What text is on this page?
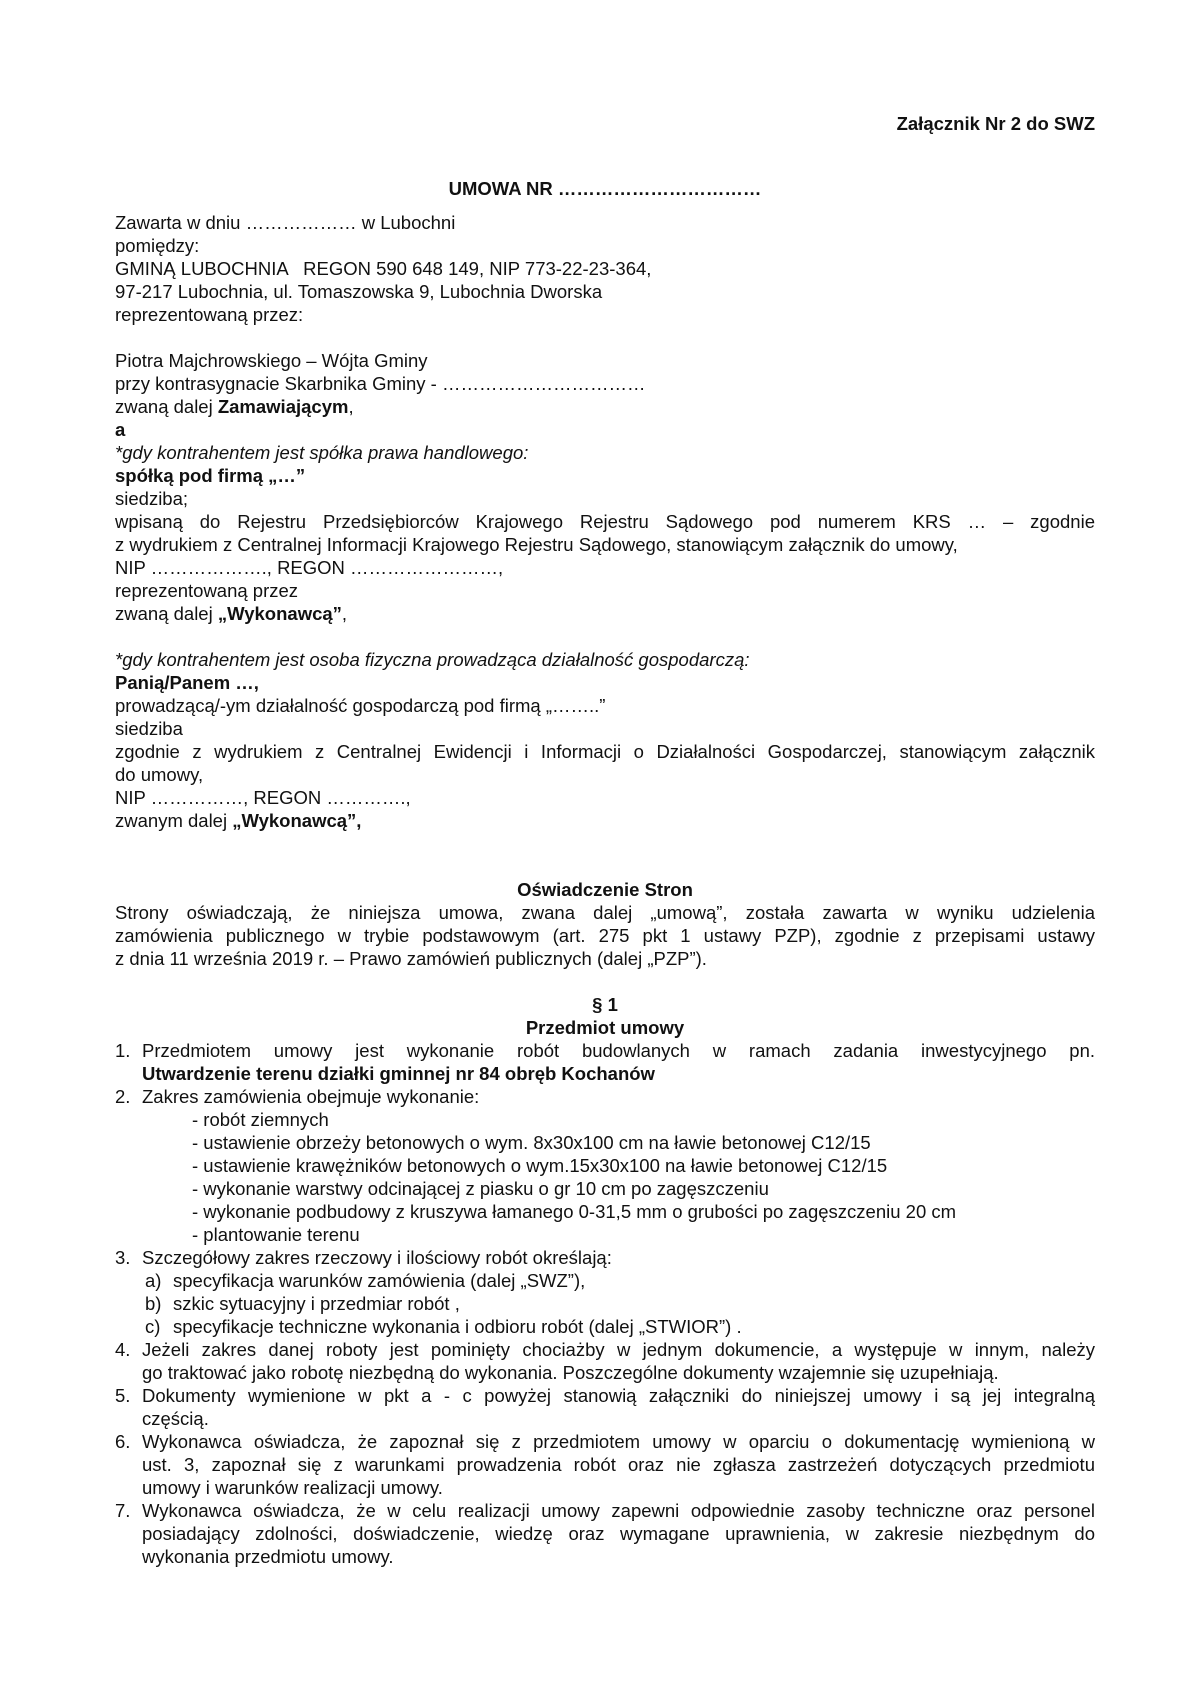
Załącznik Nr 2 do SWZ

UMOWA NR ……………………………

Zawarta w dniu ……………… w Lubochni

pomiędzy:

GMINĄ LUBOCHNIA   REGON 590 648 149, NIP 773-22-23-364,

97-217 Lubochnia, ul. Tomaszowska 9, Lubochnia Dworska

reprezentowaną przez:

Piotra Majchrowskiego – Wójta Gminy

przy kontrasygnacie Skarbnika Gminy - ……………………………

zwaną dalej Zamawiającym,

a

*gdy kontrahentem jest spółka prawa handlowego:

spółką pod firmą „…”

siedziba;

wpisaną do Rejestru Przedsiębiorców Krajowego Rejestru Sądowego pod numerem KRS … – zgodnie

z wydrukiem z Centralnej Informacji Krajowego Rejestru Sądowego, stanowiącym załącznik do umowy,

NIP ………………., REGON ……………………,

reprezentowaną przez

zwaną dalej „Wykonawcą”,

*gdy kontrahentem jest osoba fizyczna prowadząca działalność gospodarczą:

Panią/Panem …,

prowadzącą/-ym działalność gospodarczą pod firmą „……..”

siedziba

zgodnie z wydrukiem z Centralnej Ewidencji i Informacji o Działalności Gospodarczej, stanowiącym załącznik

do umowy,

NIP ……………, REGON ………….,

zwanym dalej „Wykonawcą”,

Oświadczenie Stron

Strony oświadczają, że niniejsza umowa, zwana dalej „umową”, została zawarta w wyniku udzielenia

zamówienia publicznego w trybie podstawowym (art. 275 pkt 1 ustawy PZP), zgodnie z przepisami ustawy

z dnia 11 września 2019 r. – Prawo zamówień publicznych (dalej „PZP”).

§ 1

Przedmiot umowy

1. Przedmiotem umowy jest wykonanie robót budowlanych w ramach zadania inwestycyjnego pn.
Utwardzenie terenu działki gminnej nr 84 obręb Kochanów
2. Zakres zamówienia obejmuje wykonanie:
- robót ziemnych
- ustawienie obrzeży betonowych o wym. 8x30x100 cm na ławie betonowej C12/15
- ustawienie krawężników betonowych o wym.15x30x100 na ławie betonowej C12/15
- wykonanie warstwy odcinającej z piasku o gr 10 cm po zagęszczeniu
- wykonanie podbudowy z kruszywa łamanego 0-31,5 mm o grubości po zagęszczeniu 20 cm
- plantowanie terenu
3. Szczegółowy zakres rzeczowy i ilościowy robót określają:
a) specyfikacja warunków zamówienia (dalej „SWZ”),
b) szkic sytuacyjny i przedmiar robót ,
c) specyfikacje techniczne wykonania i odbioru robót (dalej „STWIOR”) .
4. Jeżeli zakres danej roboty jest pominięty chociażby w jednym dokumencie, a występuje w innym, należy
go traktować jako robotę niezbędną do wykonania. Poszczególne dokumenty wzajemnie się uzupełniają.
5. Dokumenty wymienione w pkt a - c powyżej stanowią załączniki do niniejszej umowy i są jej integralną
częścią.
6. Wykonawca oświadcza, że zapoznał się z przedmiotem umowy w oparciu o dokumentację wymienioną w
ust. 3, zapoznał się z warunkami prowadzenia robót oraz nie zgłasza zastrzeżeń dotyczących przedmiotu
umowy i warunków realizacji umowy.
7. Wykonawca oświadcza, że w celu realizacji umowy zapewni odpowiednie zasoby techniczne oraz personel
posiadający zdolności, doświadczenie, wiedzę oraz wymagane uprawnienia, w zakresie niezbędnym do
wykonania przedmiotu umowy.
